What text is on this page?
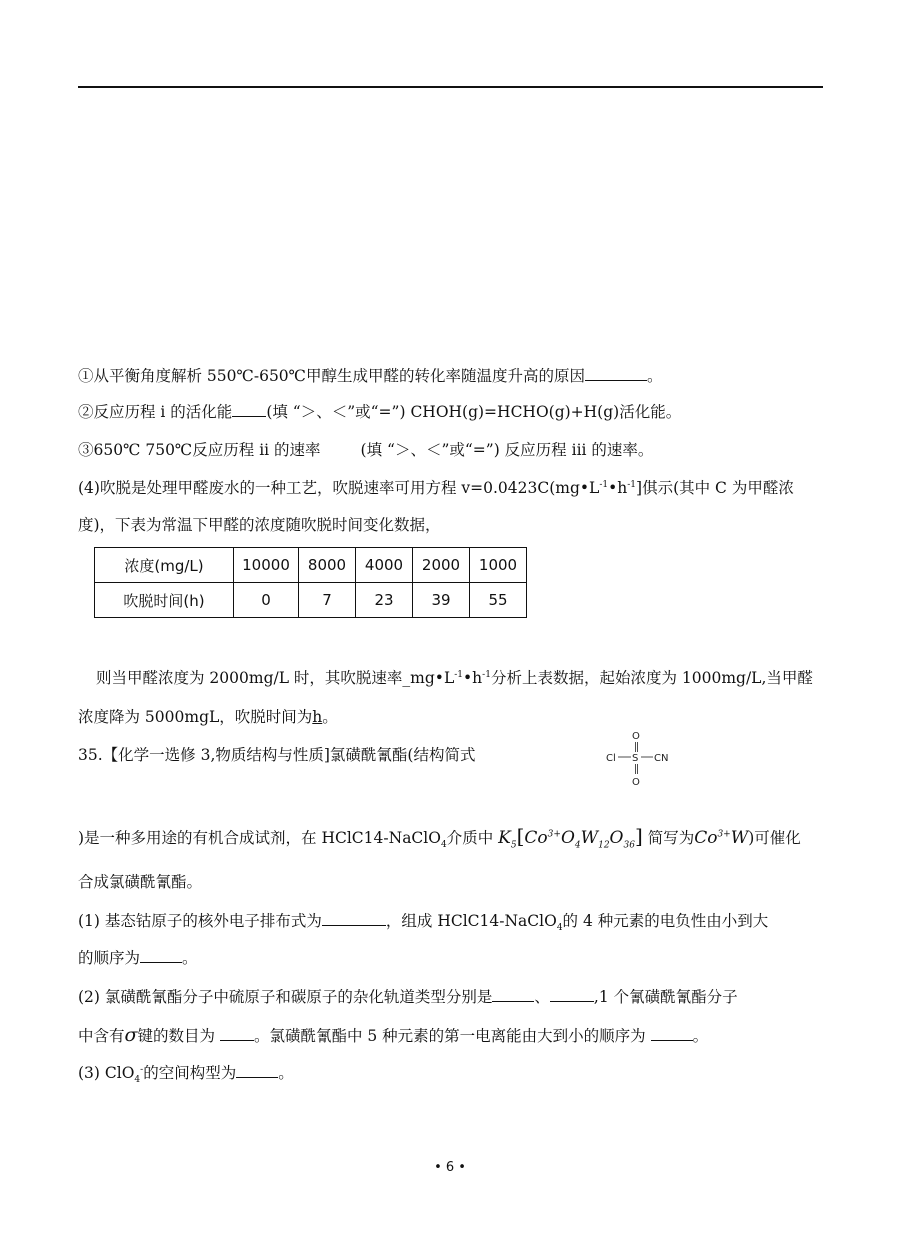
①从平衡角度解析 550℃-650℃甲醇生成甲醛的转化率随温度升高的原因	。
②反应历程 i 的活化能 (填 “＞、＜”或“=”) CHOH(g)=HCHO(g)+H(g)活化能。
③650℃ 750℃反应历程 ii 的速率	(填 “＞、＜”或“=”) 反应历程 iii 的速率。
(4)吹脱是处理甲醛废水的一种工艺，吹脱速率可用方程 $v=0.0423C(mg•L^{-1}•h^{-1}]$倛示(其中 C 为甲醛浓
度)，下表为常温下甲醛的浓度随吹脱时间变化数据，
浓度(mg/L)	10000	8000	4000	2000	1000
吹脱时间(h)	0	7	23	39	55
则当甲醛浓度为 2000mg/L 时，其吹脱速率$\_mg•L^{-1}•h^{-1}$分析上表数据，起始浓度为 1000mg/L,当甲醛
浓度降为 5000mgL，吹脱时间为h。
35.【化学一选修 3,物质结构与性质]氯磺酰氰酯(结构简式
O
Cl S CN
O
)是一种多用途的有机合成试剂，在 HClC14-NaClO$_4$介质中 $K_5[Co^{3+}O_4W_{12}O_{36}]$ 简写为$Co^{3+}W$)可催化
合成氯磺酰氰酯。
(1) 基态钴原子的核外电子排布式为	，组成 HClC14-NaClO$_4$的 4 种元素的电负性由小到大
的顺序为	。
(2) 氯磺酰氰酯分子中硫原子和碳原子的杂化轨道类型分别是	、	,1 个氰磺酰氰酯分子
中含有σ键的数目为	。氯磺酰氰酯中 5 种元素的第一电离能由大到小的顺序为	。
(3) ClO$_4$-的空间构型为	。
• 6 •
